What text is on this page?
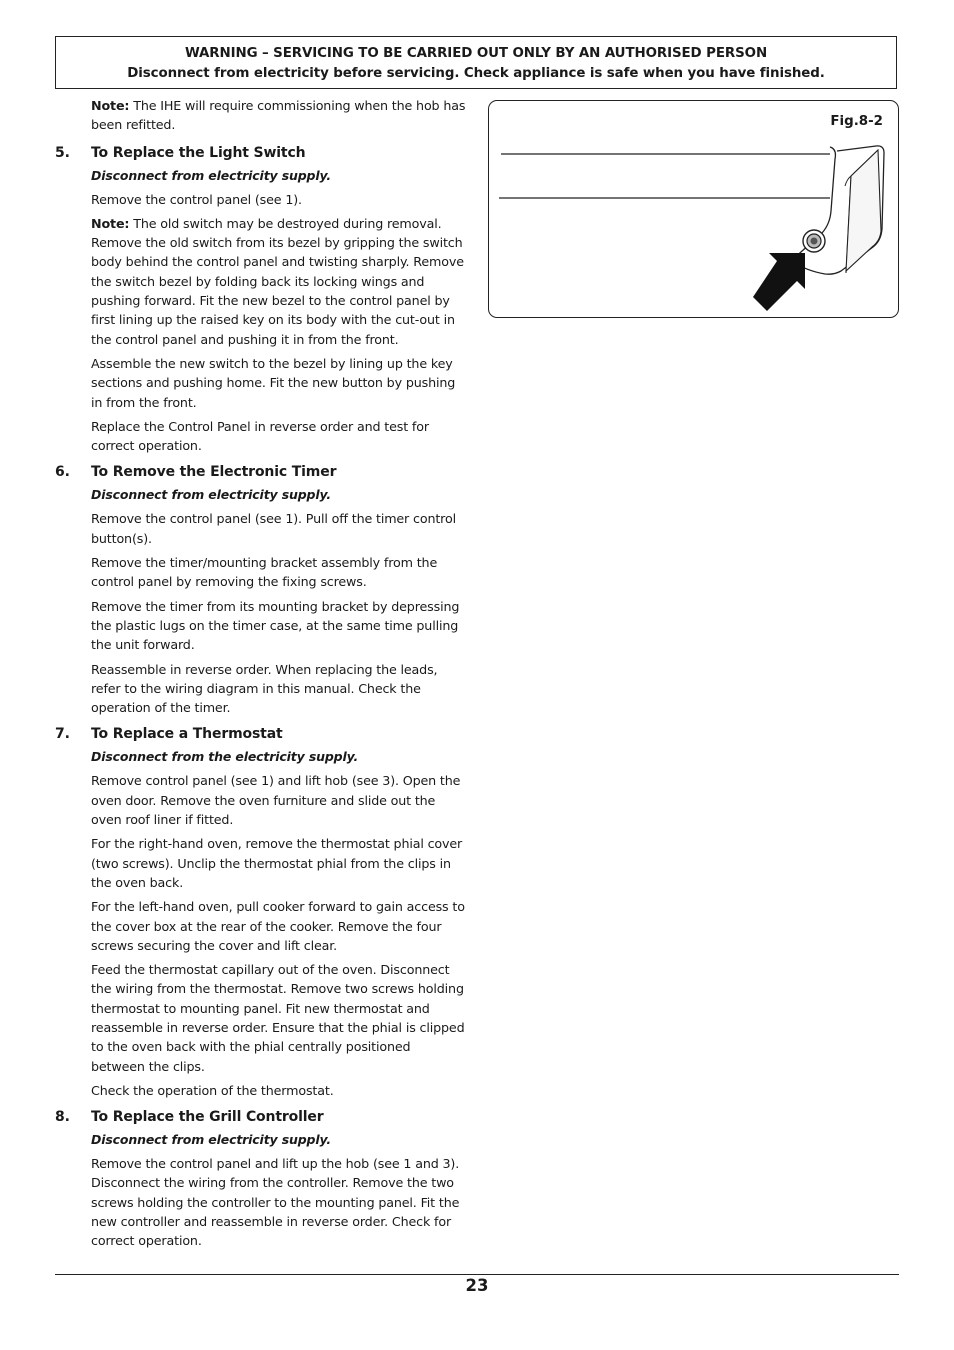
WARNING – SERVICING TO BE CARRIED OUT ONLY BY AN AUTHORISED PERSON
Disconnect from electricity before servicing. Check appliance is safe when you have finished.

Note: The IHE will require commissioning when the hob has been refitted.

5.	To Replace the Light Switch

Disconnect from electricity supply.

Remove the control panel (see 1).

Note: The old switch may be destroyed during removal. Remove the old switch from its bezel by gripping the switch body behind the control panel and twisting sharply. Remove the switch bezel by folding back its locking wings and pushing forward. Fit the new bezel to the control panel by first lining up the raised key on its body with the cut-out in the control panel and pushing it in from the front.

Assemble the new switch to the bezel by lining up the key sections and pushing home. Fit the new button by pushing in from the front.

Replace the Control Panel in reverse order and test for correct operation.

6.	To Remove the Electronic Timer

Disconnect from electricity supply.

Remove the control panel (see 1). Pull off the timer control button(s).

Remove the timer/mounting bracket assembly from the control panel by removing the fixing screws.

Remove the timer from its mounting bracket by depressing the plastic lugs on the timer case, at the same time pulling the unit forward.

Reassemble in reverse order. When replacing the leads, refer to the wiring diagram in this manual. Check the operation of the timer.

7.	To Replace a Thermostat

Disconnect from the electricity supply.

Remove control panel (see 1) and lift hob (see 3). Open the oven door. Remove the oven furniture and slide out the oven roof liner if fitted.

For the right-hand oven, remove the thermostat phial cover (two screws). Unclip the thermostat phial from the clips in the oven back.

For the left-hand oven, pull cooker forward to gain access to the cover box at the rear of the cooker. Remove the four screws securing the cover and lift clear.

Feed the thermostat capillary out of the oven. Disconnect the wiring from the thermostat. Remove two screws holding thermostat to mounting panel. Fit new thermostat and reassemble in reverse order. Ensure that the phial is clipped to the oven back with the phial centrally positioned between the clips.

Check the operation of the thermostat.

8.	To Replace the Grill Controller

Disconnect from electricity supply.

Remove the control panel and lift up the hob (see 1 and 3). Disconnect the wiring from the controller. Remove the two screws holding the controller to the mounting panel. Fit the new controller and reassemble in reverse order. Check for correct operation.

Fig.8-2
23
